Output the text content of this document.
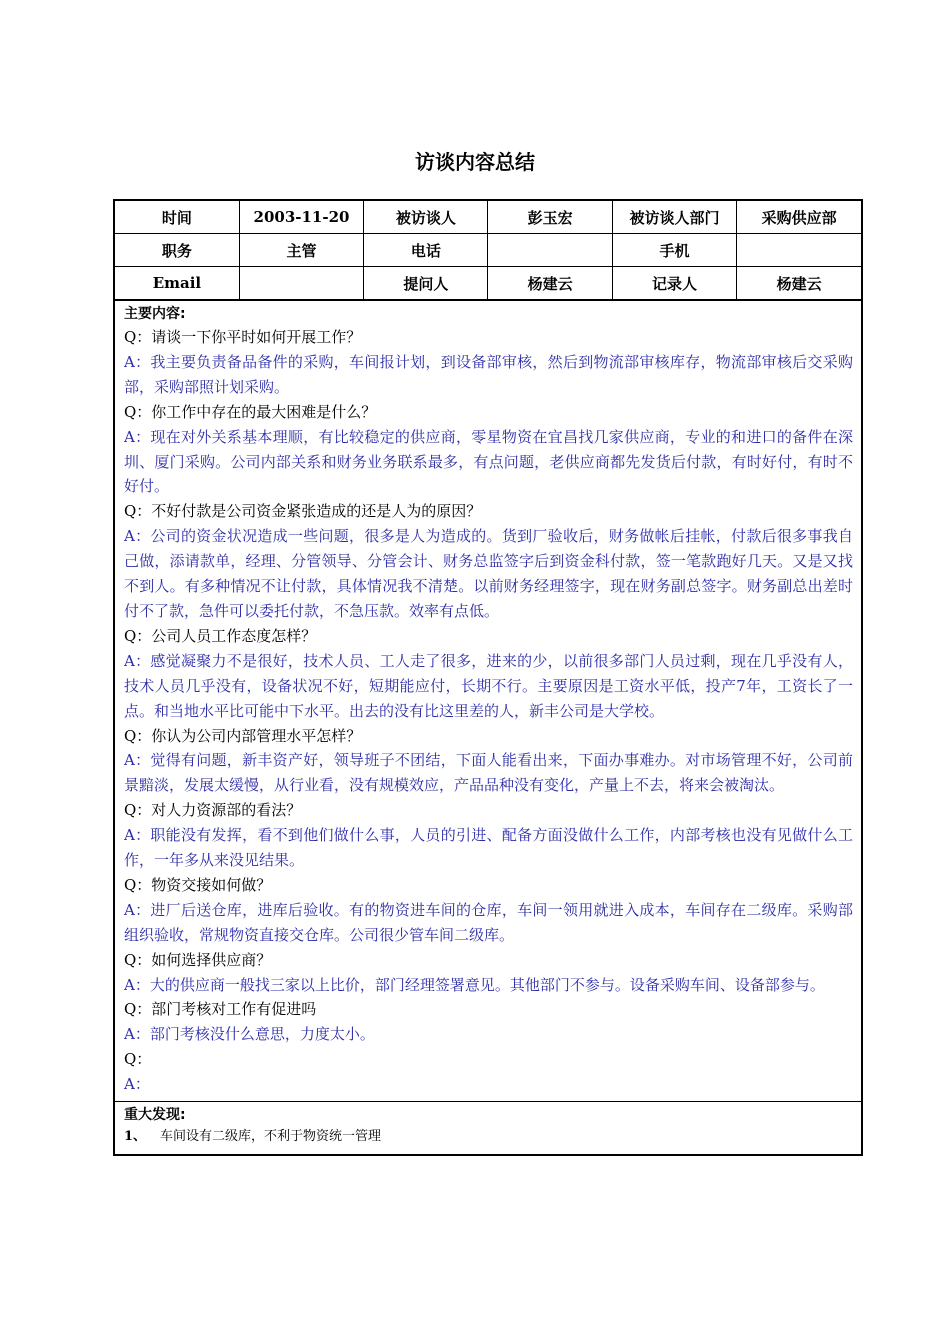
访谈内容总结
时间	2003-11-20	被访谈人	彭玉宏	被访谈人部门	采购供应部
职务	主管	电话		手机	
Email		提问人	杨建云	记录人	杨建云
主要内容:
Q：请谈一下你平时如何开展工作？
A：我主要负责备品备件的采购，车间报计划，到设备部审核，然后到物流部审核库存，物流部审核后交采购部，采购部照计划采购。
Q：你工作中存在的最大困难是什么？
A：现在对外关系基本理顺，有比较稳定的供应商，零星物资在宜昌找几家供应商，专业的和进口的备件在深圳、厦门采购。公司内部关系和财务业务联系最多，有点问题，老供应商都先发货后付款，有时好付，有时不好付。
Q：不好付款是公司资金紧张造成的还是人为的原因？
A：公司的资金状况造成一些问题，很多是人为造成的。货到厂验收后，财务做帐后挂帐，付款后很多事我自己做，添请款单，经理、分管领导、分管会计、财务总监签字后到资金科付款，签一笔款跑好几天。又是又找不到人。有多种情况不让付款，具体情况我不清楚。以前财务经理签字，现在财务副总签字。财务副总出差时付不了款，急件可以委托付款，不急压款。效率有点低。
Q：公司人员工作态度怎样？
A：感觉凝聚力不是很好，技术人员、工人走了很多，进来的少，以前很多部门人员过剩，现在几乎没有人，技术人员几乎没有，设备状况不好，短期能应付，长期不行。主要原因是工资水平低，投产7年，工资长了一点。和当地水平比可能中下水平。出去的没有比这里差的人，新丰公司是大学校。
Q：你认为公司内部管理水平怎样？
A：觉得有问题，新丰资产好，领导班子不团结，下面人能看出来，下面办事难办。对市场管理不好，公司前景黯淡，发展太缓慢，从行业看，没有规模效应，产品品种没有变化，产量上不去，将来会被淘汰。
Q：对人力资源部的看法？
A：职能没有发挥，看不到他们做什么事，人员的引进、配备方面没做什么工作，内部考核也没有见做什么工作，一年多从来没见结果。
Q：物资交接如何做？
A：进厂后送仓库，进库后验收。有的物资进车间的仓库，车间一领用就进入成本，车间存在二级库。采购部组织验收，常规物资直接交仓库。公司很少管车间二级库。
Q：如何选择供应商？
A：大的供应商一般找三家以上比价，部门经理签署意见。其他部门不参与。设备采购车间、设备部参与。
Q：部门考核对工作有促进吗
A：部门考核没什么意思，力度太小。
Q：
A：
重大发现:
1、 车间设有二级库，不利于物资统一管理
